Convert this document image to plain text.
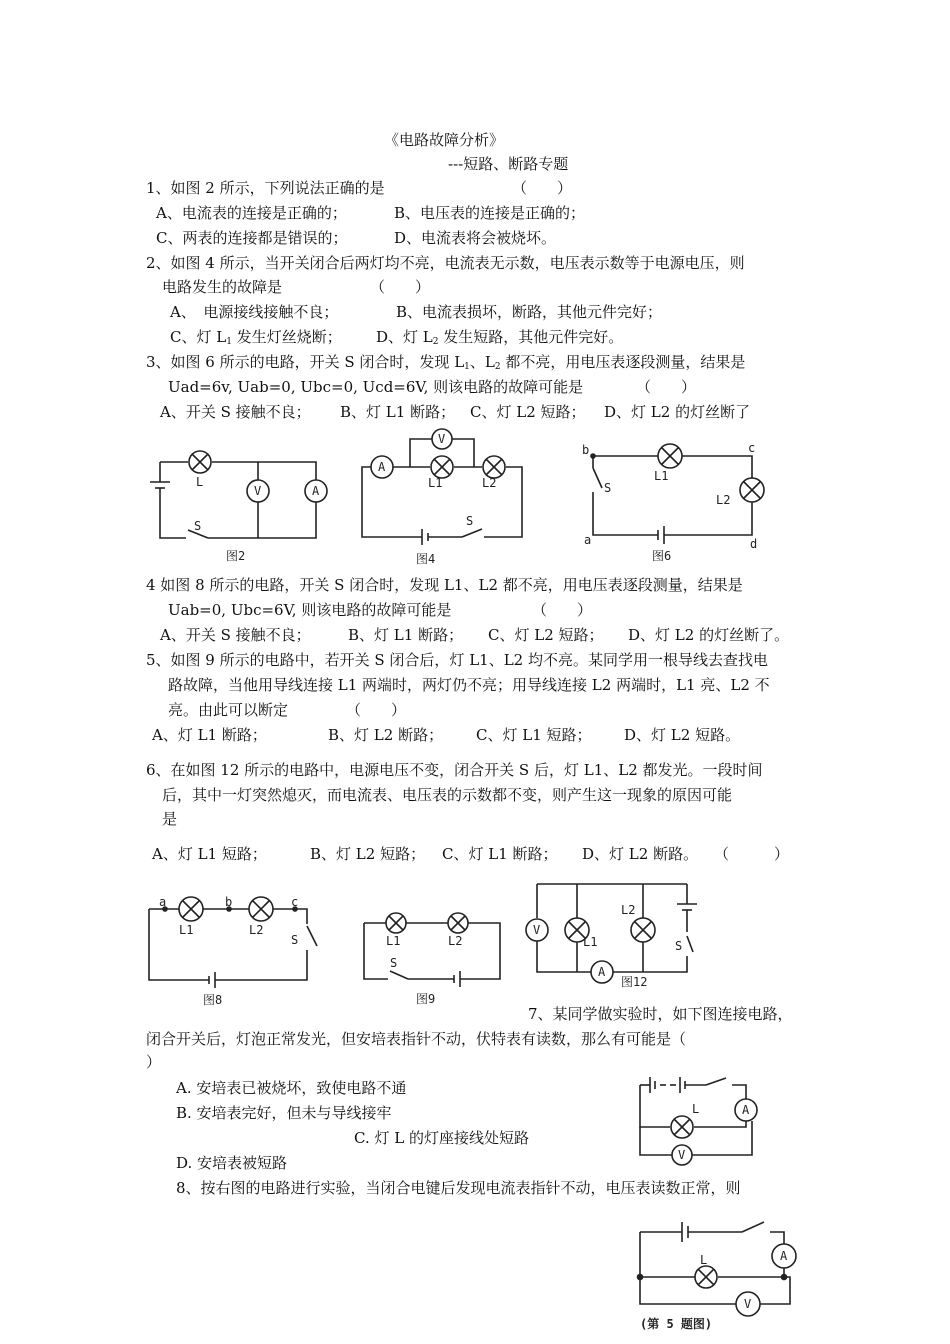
《电路故障分析》
---短路、断路专题
1、如图 2 所示，下列说法正确的是	（　　）
A、电流表的连接是正确的；	B、电压表的连接是正确的；
C、两表的连接都是错误的；	D、电流表将会被烧坏。
2、如图 4 所示，当开关闭合后两灯均不亮，电流表无示数，电压表示数等于电源电压，则
电路发生的故障是	（　　）
A、　电源接线接触不良；	B、电流表损坏，断路，其他元件完好；
C、灯 $L_1$ 发生灯丝烧断； D、灯 $L_2$ 发生短路，其他元件完好。
3、如图 6 所示的电路，开关 S 闭合时，发现 $L_1$、$L_2$ 都不亮，用电压表逐段测量，结果是
Uad=6v, Uab=0, Ubc=0, Ucd=6V, 则该电路的故障可能是	（　　）
A、开关 S 接触不良； B、灯 L1 断路； C、灯 L2 短路； D、灯 L2 的灯丝断了
V	A
L
S
图2
A
V
L1	L2
S
图4
b	c
a	d
L1
L2
S
图6
4 如图 8 所示的电路，开关 S 闭合时，发现 L1、L2 都不亮，用电压表逐段测量，结果是
Uab=0, Ubc=6V, 则该电路的故障可能是	（　　）
A、开关 S 接触不良； B、灯 L1 断路； C、灯 L2 短路； D、灯 L2 的灯丝断了。
5、如图 9 所示的电路中，若开关 S 闭合后，灯 L1、L2 均不亮。某同学用一根导线去查找电
路故障，当他用导线连接 L1 两端时，两灯仍不亮；用导线连接 L2 两端时，L1 亮、L2 不
亮。由此可以断定	（　　）
A、灯 L1 断路；	B、灯 L2 断路； C、灯 L1 短路； D、灯 L2 短路。
6、在如图 12 所示的电路中，电源电压不变，闭合开关 S 后，灯 L1、L2 都发光。一段时间
后，其中一灯突然熄灭，而电流表、电压表的示数都不变，则产生这一现象的原因可能
是
A、灯 L1 短路；	B、灯 L2 短路； C、灯 L1 断路； D、灯 L2 断路。 （　　　）
a	b	c
L1	L2
S
图8
L1	L2
S
图9
V
A
L1
L2
S
图12
7、某同学做实验时，如下图连接电路，
闭合开关后，灯泡正常发光，但安培表指针不动，伏特表有读数，那么有可能是（
）
A. 安培表已被烧坏，致使电路不通
B. 安培表完好，但未与导线接牢
C. 灯 L 的灯座接线处短路
D. 安培表被短路
A
V
L
8、按右图的电路进行实验，当闭合电键后发现电流表指针不动，电压表读数正常，则
A
V
L
(第 5 题图)
